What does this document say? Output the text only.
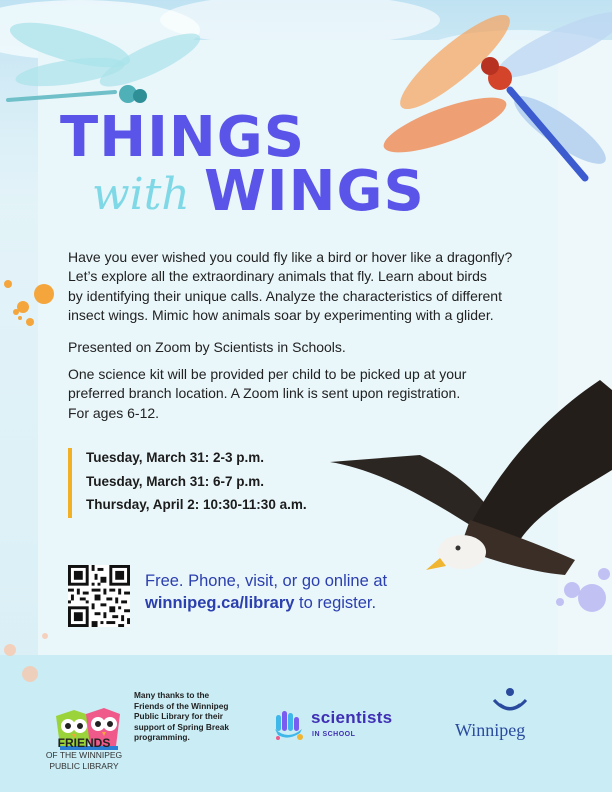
THINGS
with WINGS
Have you ever wished you could fly like a bird or hover like a dragonfly?
Let’s explore all the extraordinary animals that fly. Learn about birds
by identifying their unique calls. Analyze the characteristics of different
insect wings. Mimic how animals soar by experimenting with a glider.
Presented on Zoom by Scientists in Schools.
One science kit will be provided per child to be picked up at your
preferred branch location. A Zoom link is sent upon registration.
For ages 6-12.
Tuesday, March 31: 2-3 p.m.
Tuesday, March 31: 6-7 p.m.
Thursday, April 2: 10:30-11:30 a.m.
Free. Phone, visit, or go online at
winnipeg.ca/library to register.
FRIENDS
OF THE WINNIPEG
PUBLIC LIBRARY
Many thanks to the
Friends of the Winnipeg
Public Library for their
support of Spring Break
programming.
scientists
IN SCHOOL	Winnipeg
